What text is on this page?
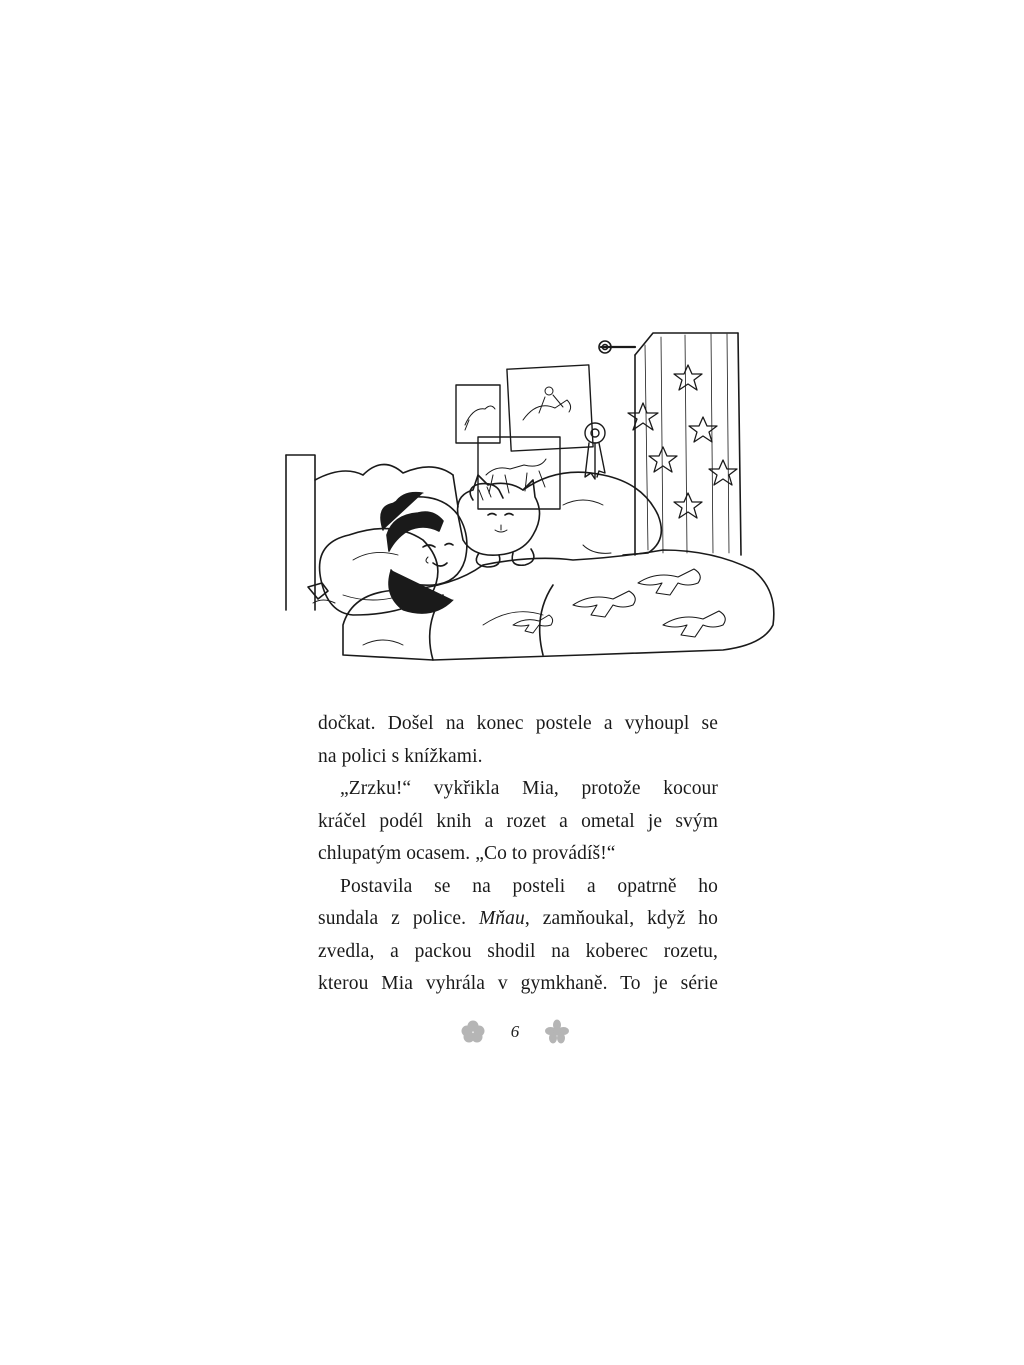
dočkat. Došel na konec postele a vyhoupl se
na polici s knížkami.
„Zrzku!“ vykřikla Mia, protože kocour
kráčel podél knih a rozet a ometal je svým
chlupatým ocasem. „Co to provádíš!“
Postavila se na posteli a opatrně ho
sundala z police. Mňau, zamňoukal, když ho
zvedla, a packou shodil na koberec rozetu,
kterou Mia vyhrála v gymkhaně. To je série
6
